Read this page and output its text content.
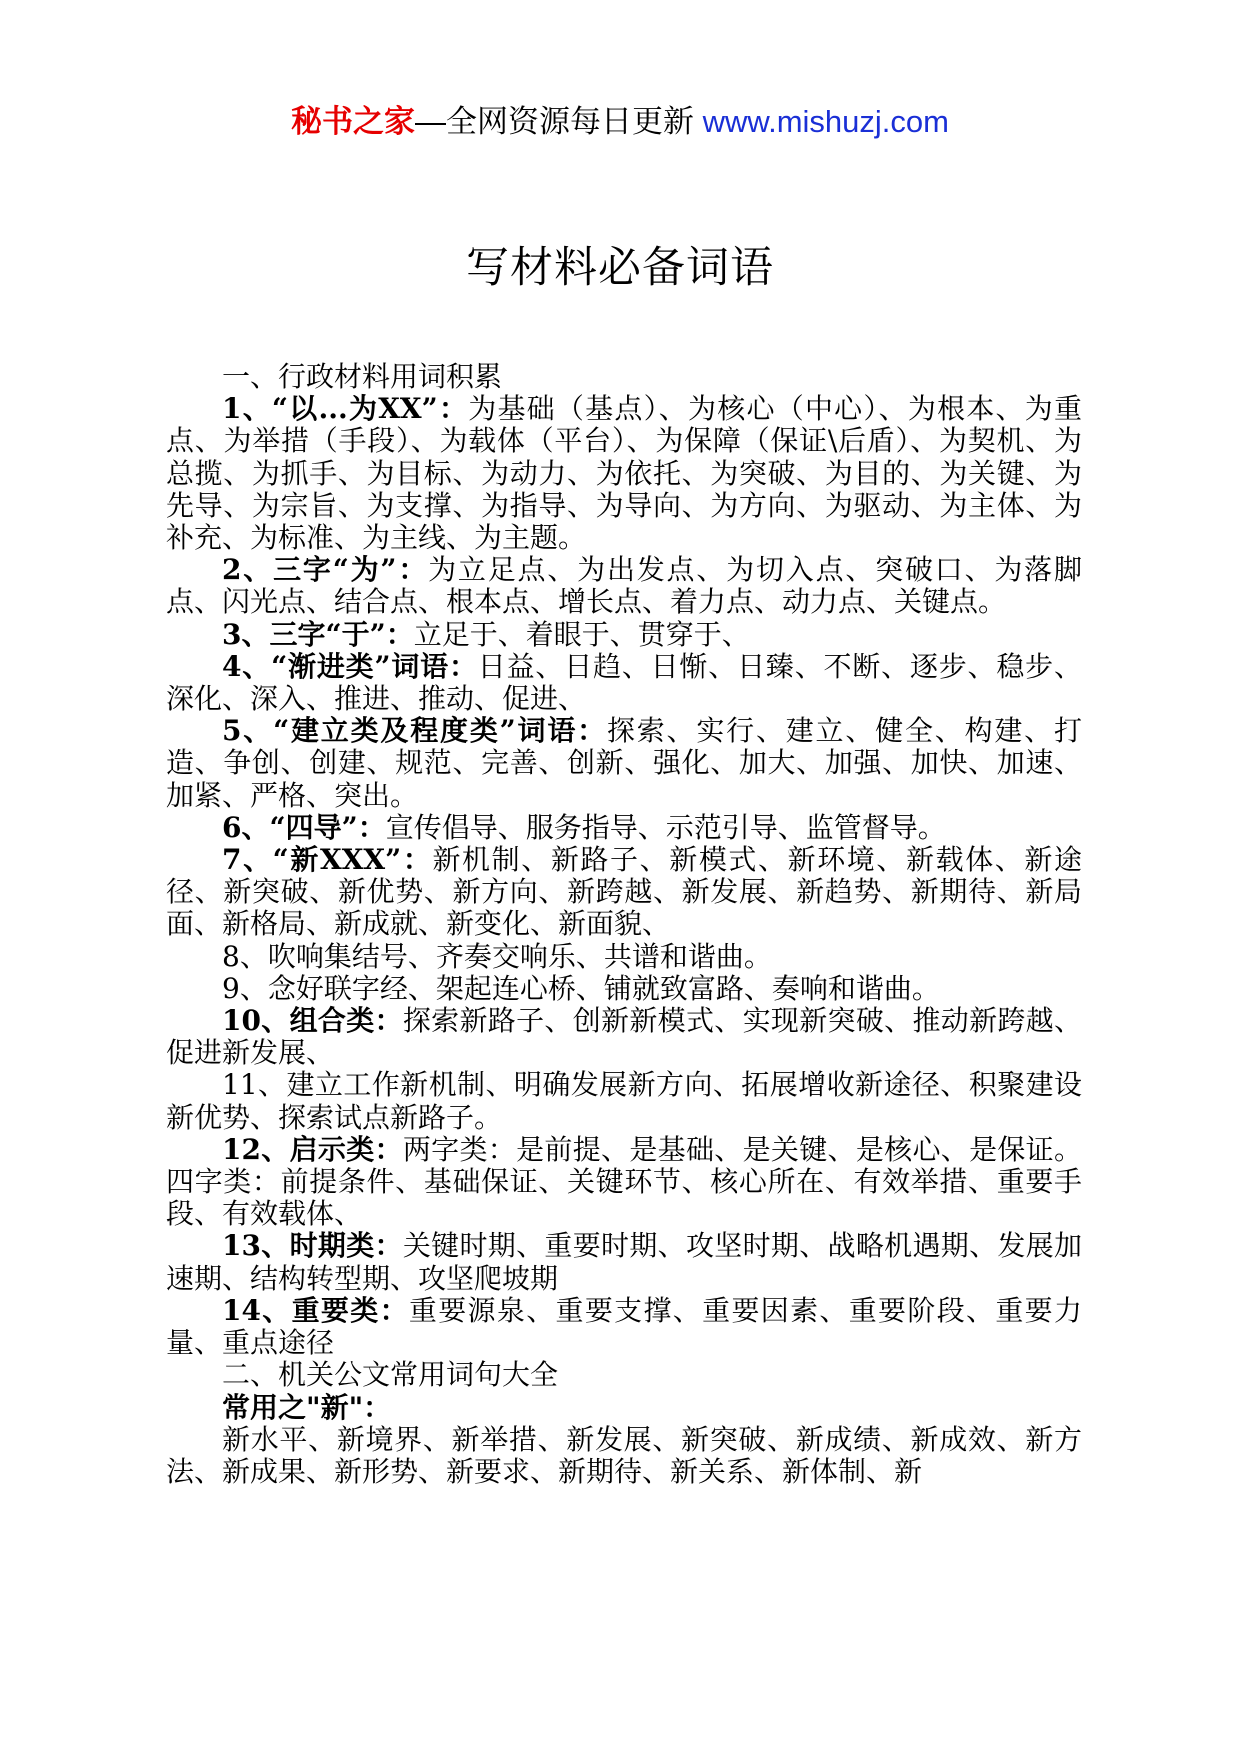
秘书之家—全网资源每日更新 www.mishuzj.com
写材料必备词语

一、行政材料用词积累

1、“以...为XX”：为基础（基点）、为核心（中心）、为根本、为重点、为举措（手段）、为载体（平台）、为保障（保证\后盾）、为契机、为总揽、为抓手、为目标、为动力、为依托、为突破、为目的、为关键、为先导、为宗旨、为支撑、为指导、为导向、为方向、为驱动、为主体、为补充、为标准、为主线、为主题。

2、三字“为”：为立足点、为出发点、为切入点、突破口、为落脚点、闪光点、结合点、根本点、增长点、着力点、动力点、关键点。

3、三字“于”：立足于、着眼于、贯穿于、

4、“渐进类”词语：日益、日趋、日惭、日臻、不断、逐步、稳步、深化、深入、推进、推动、促进、

5、“建立类及程度类”词语：探索、实行、建立、健全、构建、打造、争创、创建、规范、完善、创新、强化、加大、加强、加快、加速、加紧、严格、突出。

6、“四导”：宣传倡导、服务指导、示范引导、监管督导。

7、“新XXX”：新机制、新路子、新模式、新环境、新载体、新途径、新突破、新优势、新方向、新跨越、新发展、新趋势、新期待、新局面、新格局、新成就、新变化、新面貌、

8、吹响集结号、齐奏交响乐、共谱和谐曲。

9、念好联字经、架起连心桥、铺就致富路、奏响和谐曲。

10、组合类：探索新路子、创新新模式、实现新突破、推动新跨越、促进新发展、

11、建立工作新机制、明确发展新方向、拓展增收新途径、积聚建设新优势、探索试点新路子。

12、启示类：两字类：是前提、是基础、是关键、是核心、是保证。四字类：前提条件、基础保证、关键环节、核心所在、有效举措、重要手段、有效载体、

13、时期类：关键时期、重要时期、攻坚时期、战略机遇期、发展加速期、结构转型期、攻坚爬坡期

14、重要类：重要源泉、重要支撑、重要因素、重要阶段、重要力量、重点途径

二、机关公文常用词句大全

常用之"新"：

新水平、新境界、新举措、新发展、新突破、新成绩、新成效、新方法、新成果、新形势、新要求、新期待、新关系、新体制、新
